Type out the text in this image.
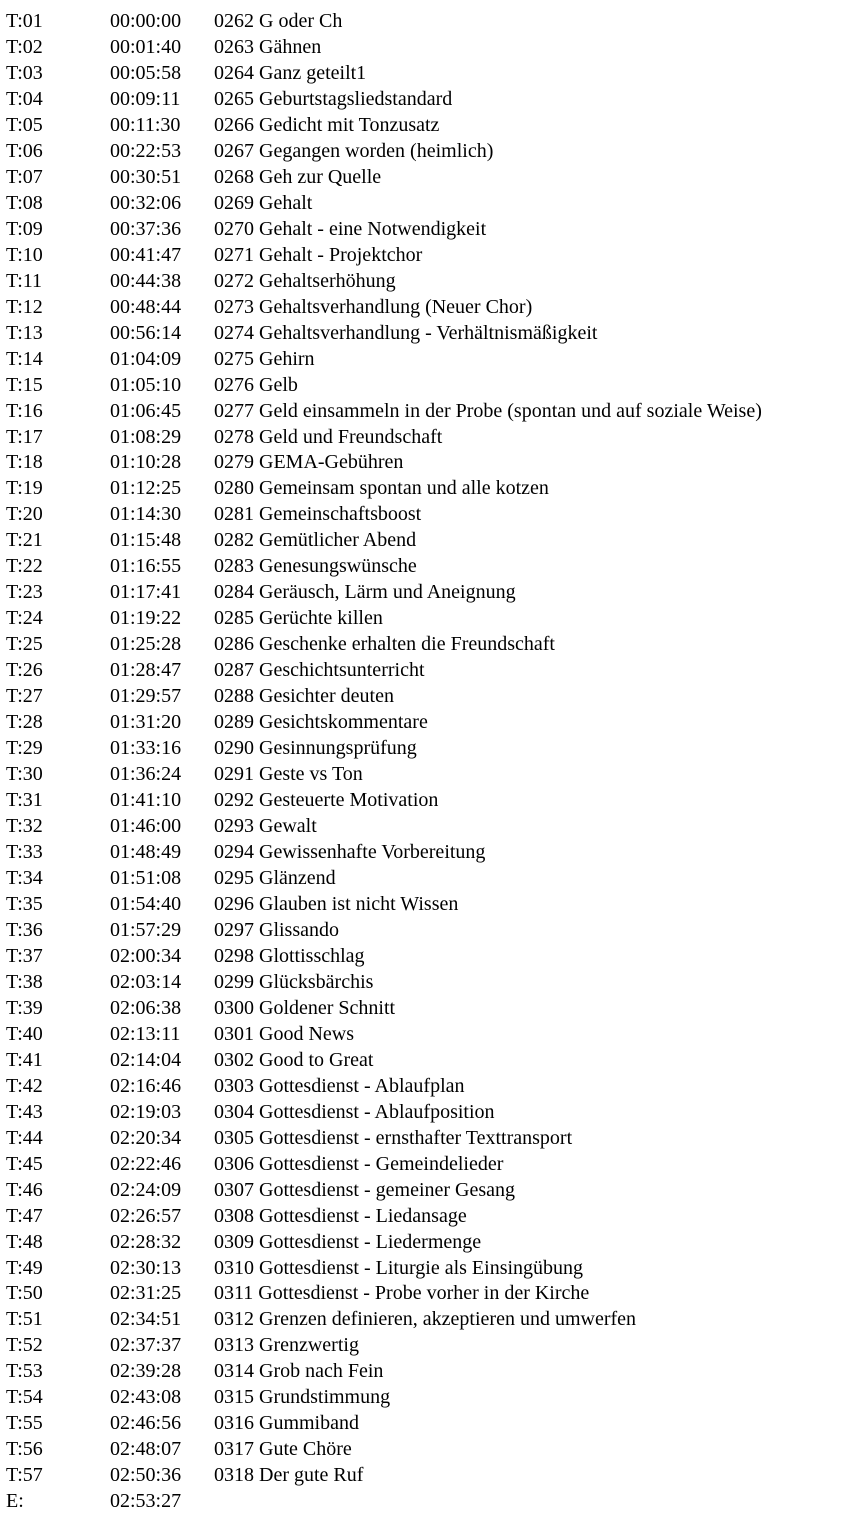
T:01	00:00:00 0262 G oder Ch
T:02	00:01:40 0263 Gähnen
T:03	00:05:58 0264 Ganz geteilt1
T:04	00:09:11 0265 Geburtstagsliedstandard
T:05	00:11:30 0266 Gedicht mit Tonzusatz
T:06	00:22:53 0267 Gegangen worden (heimlich)
T:07	00:30:51 0268 Geh zur Quelle
T:08	00:32:06 0269 Gehalt
T:09	00:37:36 0270 Gehalt - eine Notwendigkeit
T:10	00:41:47 0271 Gehalt - Projektchor
T:11	00:44:38 0272 Gehaltserhöhung
T:12	00:48:44 0273 Gehaltsverhandlung (Neuer Chor)
T:13	00:56:14 0274 Gehaltsverhandlung - Verhältnismäßigkeit
T:14	01:04:09 0275 Gehirn
T:15	01:05:10 0276 Gelb
T:16	01:06:45 0277 Geld einsammeln in der Probe (spontan und auf soziale Weise)
T:17	01:08:29 0278 Geld und Freundschaft
T:18	01:10:28 0279 GEMA-Gebühren
T:19	01:12:25 0280 Gemeinsam spontan und alle kotzen
T:20	01:14:30 0281 Gemeinschaftsboost
T:21	01:15:48 0282 Gemütlicher Abend
T:22	01:16:55 0283 Genesungswünsche
T:23	01:17:41 0284 Geräusch, Lärm und Aneignung
T:24	01:19:22 0285 Gerüchte killen
T:25	01:25:28 0286 Geschenke erhalten die Freundschaft
T:26	01:28:47 0287 Geschichtsunterricht
T:27	01:29:57 0288 Gesichter deuten
T:28	01:31:20 0289 Gesichtskommentare
T:29	01:33:16 0290 Gesinnungsprüfung
T:30	01:36:24 0291 Geste vs Ton
T:31	01:41:10 0292 Gesteuerte Motivation
T:32	01:46:00 0293 Gewalt
T:33	01:48:49 0294 Gewissenhafte Vorbereitung
T:34	01:51:08 0295 Glänzend
T:35	01:54:40 0296 Glauben ist nicht Wissen
T:36	01:57:29 0297 Glissando
T:37	02:00:34 0298 Glottisschlag
T:38	02:03:14 0299 Glücksbärchis
T:39	02:06:38 0300 Goldener Schnitt
T:40	02:13:11 0301 Good News
T:41	02:14:04 0302 Good to Great
T:42	02:16:46 0303 Gottesdienst - Ablaufplan
T:43	02:19:03 0304 Gottesdienst - Ablaufposition
T:44	02:20:34 0305 Gottesdienst - ernsthafter Texttransport
T:45	02:22:46 0306 Gottesdienst - Gemeindelieder
T:46	02:24:09 0307 Gottesdienst - gemeiner Gesang
T:47	02:26:57 0308 Gottesdienst - Liedansage
T:48	02:28:32 0309 Gottesdienst - Liedermenge
T:49	02:30:13 0310 Gottesdienst - Liturgie als Einsingübung
T:50	02:31:25 0311 Gottesdienst - Probe vorher in der Kirche
T:51	02:34:51 0312 Grenzen definieren, akzeptieren und umwerfen
T:52	02:37:37 0313 Grenzwertig
T:53	02:39:28 0314 Grob nach Fein
T:54	02:43:08 0315 Grundstimmung
T:55	02:46:56 0316 Gummiband
T:56	02:48:07 0317 Gute Chöre
T:57	02:50:36 0318 Der gute Ruf
E:	02:53:27
